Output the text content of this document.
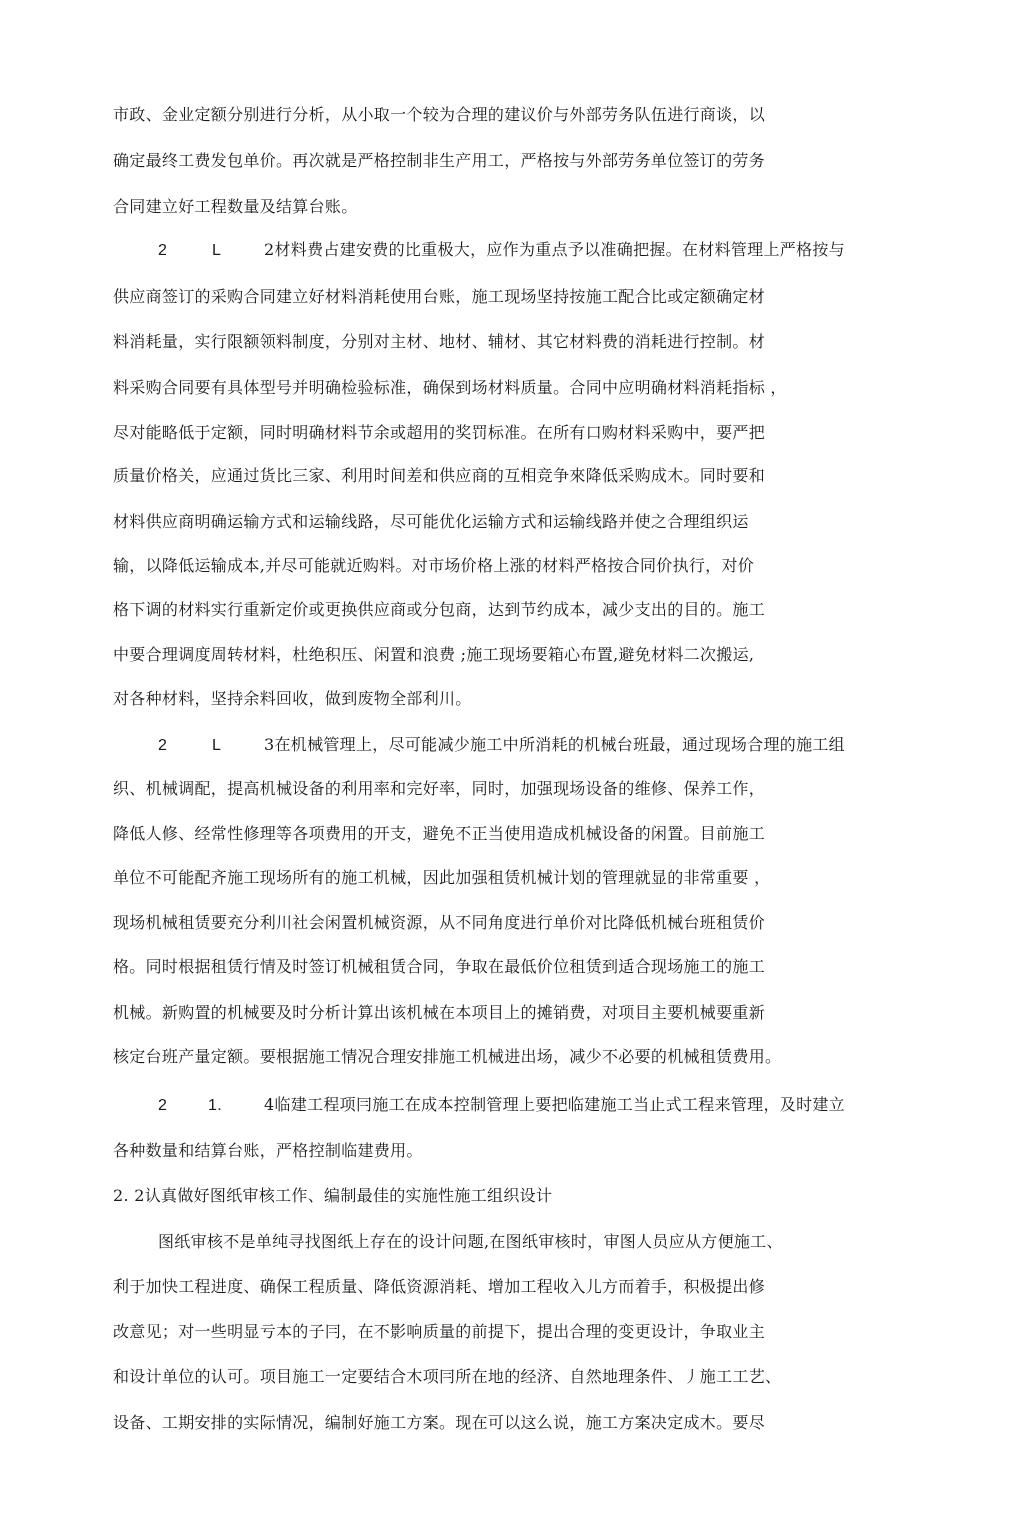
市政、金业定额分别进行分析，从小取一个较为合理的建议价与外部劳务队伍进行商谈，以
确定最终工费发包单价。再次就是严格控制非生产用工，严格按与外部劳务单位签订的劳务
合同建立好工程数量及结算台账。
2	L	2材料费占建安费的比重极大，应作为重点予以准确把握。在材料管理上严格按与
供应商签订的采购合同建立好材料消耗使用台账，施工现场坚持按施工配合比或定额确定材
料消耗量，实行限额领料制度，分别对主材、地材、辅材、其它材料费的消耗进行控制。材
料采购合同要有具体型号并明确检验标准，确保到场材料质量。合同中应明确材料消耗指标 ，
尽对能略低于定额，同时明确材料节余或超用的奖罚标准。在所有口购材料采购中，要严把
质量价格关，应通过货比三家、利用时间差和供应商的互相竞争來降低采购成木。同时要和
材料供应商明确运输方式和运输线路，尽可能优化运输方式和运输线路并使之合理组织运
输，以降低运输成本,并尽可能就近购料。对市场价格上涨的材料严格按合同价执行，对价
格下调的材料实行重新定价或更换供应商或分包商，达到节约成本，减少支出的目的。施工
中要合理调度周转材料，杜绝积压、闲置和浪费 ;施工现场要箱心布置,避免材料二次搬运,
对各种材料，坚持余料回收，做到废物全部利川。
2	L	3在机械管理上，尽可能减少施工中所消耗的机械台班最，通过现场合理的施工组
织、机械调配，提高机械设备的利用率和完好率，同时，加强现场设备的维修、保养工作，
降低人修、经常性修理等各项费用的开支，避免不正当使用造成机械设备的闲置。目前施工
单位不可能配齐施工现场所有的施工机械，因此加强租赁机械计划的管理就显的非常重要 ，
现场机械租赁要充分利川社会闲置机械资源，从不同角度进行单价对比降低机械台班租赁价
格。同时根据租赁行情及时签订机械租赁合同，争取在最低价位租赁到适合现场施工的施工
机械。新购置的机械要及时分析计算出该机械在本项目上的摊销费，对项目主要机械要重新
核定台班产量定额。要根据施工情况合理安排施工机械进出场，减少不必要的机械租赁费用。
2	1.	4临建工程项冃施工在成本控制管理上要把临建施工当止式工程来管理，及时建立
各种数量和结算台账，严格控制临建费用。
2. 2认真做好图纸审核工作、编制最佳的实施性施工组织设计
图纸审核不是单纯寻找图纸上存在的设计问题,在图纸审核时，审图人员应从方便施工、
利于加快工程进度、确保工程质量、降低资源消耗、增加工程收入儿方而着手，积极提出修
改意见；对一些明显亏本的子冃，在不影响质量的前提下，提出合理的变更设计，争取业主
和设计单位的认可。项目施工一定要结合木项冃所在地的经济、自然地理条件、丿施工工艺、
设备、工期安排的实际情况，编制好施工方案。现在可以这么说，施工方案决定成木。要尽
